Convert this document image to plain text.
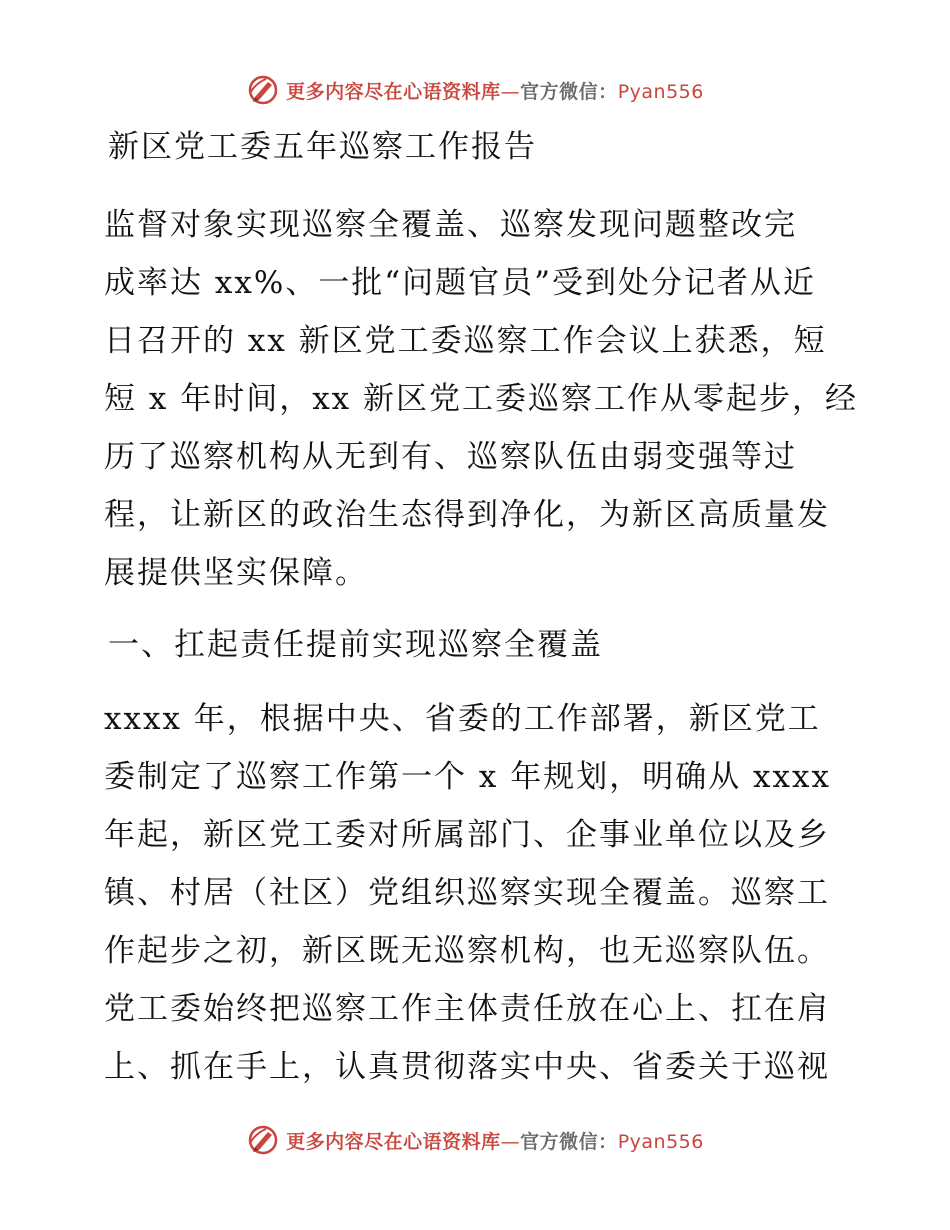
更多内容尽在心语资料库—官方微信：Pyan556
新区党工委五年巡察工作报告

监督对象实现巡察全覆盖、巡察发现问题整改完
成率达 xx%、一批“问题官员”受到处分记者从近
日召开的 xx 新区党工委巡察工作会议上获悉，短
短 x 年时间，xx 新区党工委巡察工作从零起步，经
历了巡察机构从无到有、巡察队伍由弱变强等过
程，让新区的政治生态得到净化，为新区高质量发
展提供坚实保障。

一、扛起责任提前实现巡察全覆盖

xxxx 年，根据中央、省委的工作部署，新区党工
委制定了巡察工作第一个 x 年规划，明确从 xxxx
年起，新区党工委对所属部门、企事业单位以及乡
镇、村居（社区）党组织巡察实现全覆盖。巡察工
作起步之初，新区既无巡察机构，也无巡察队伍。
党工委始终把巡察工作主体责任放在心上、扛在肩
上、抓在手上，认真贯彻落实中央、省委关于巡视

更多内容尽在心语资料库—官方微信：Pyan556
